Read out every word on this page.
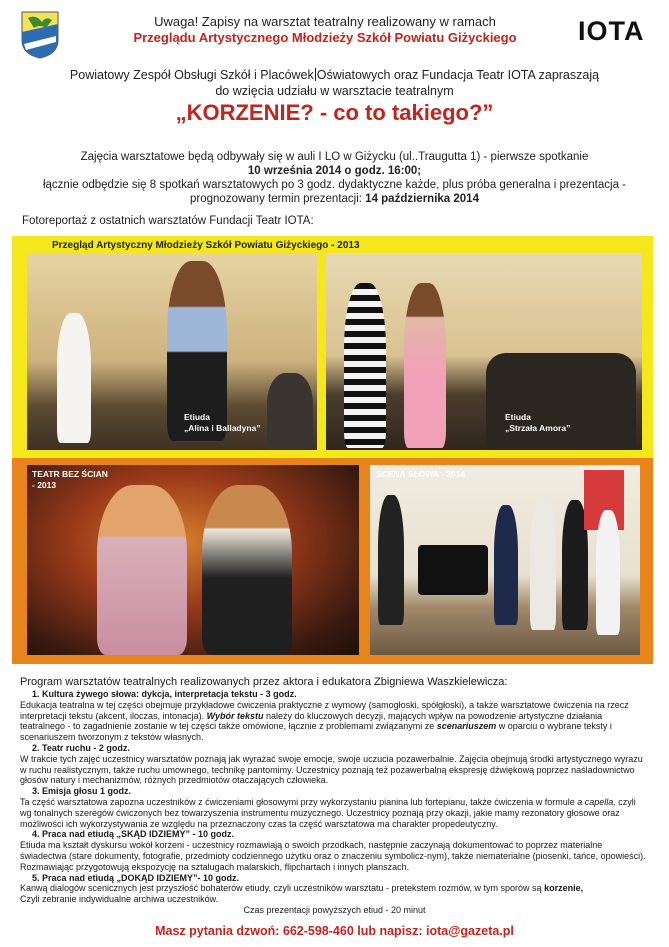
Uwaga! Zapisy na warsztat teatralny realizowany w ramach
Przeglądu Artystycznego Młodzieży Szkół Powiatu Giżyckiego	IOTA
Powiatowy Zespół Obsługi Szkół i Placówek Oświatowych oraz Fundacja Teatr IOTA zapraszają
do wzięcia udziału w warsztacie teatralnym
„KORZENIE? - co to takiego?”
Zajęcia warsztatowe będą odbywały się w auli I LO w Giżycku (ul..Traugutta 1) - pierwsze spotkanie
10 września 2014 o godz. 16:00;
łącznie odbędzie się 8 spotkań warsztatowych po 3 godz. dydaktyczne każde, plus próba generalna i prezentacja -
prognozowany termin prezentacji: 14 października 2014
Fotoreportaż z ostatnich warsztatów Fundacji Teatr IOTA:
Przegląd Artystyczny Młodzieży Szkół Powiatu Giżyckiego - 2013
Etiuda
„Alina i Balladyna”
Etiuda
„Strzała Amora”
TEATR BEZ ŚCIAN
- 2013
SCENA SŁOWA - 2014

Program warsztatów teatralnych realizowanych przez aktora i edukatora Zbigniewa Waszkielewicza:

1. Kultura żywego słowa: dykcja, interpretacja tekstu - 3 godz.

Edukacja teatralna w tej części obejmuje przykładowe ćwiczenia praktyczne z wymowy (samogłoski, spółgłoski), a także warsztatowe ćwiczenia na rzecz interpretacji tekstu (akcent, iloczas, intonacja). Wybór tekstu należy do kluczowych decyzji, mających wpływ na powodzenie artystyczne działania teatralnego - to zagadnienie zostanie w tej części także omówione, łącznie z problemami związanymi ze scenariuszem w oparciu o wybrane teksty i scenariuszem tworzonym z tekstów własnych.

2. Teatr ruchu - 2 godz.

W trakcie tych zajęć uczestnicy warsztatów poznają jak wyrażać swoje emocje, swoje uczucia pozawerbalnie. Zajęcia obejmują środki artystycznego wyrazu w ruchu realistycznym, także ruchu umownego, technikę pantomimy. Uczestnicy poznają też pozawerbalną ekspresję dźwiękową poprzez naśladownictwo głosów natury i mechanizmów, różnych przedmiotów otaczających człowieka.

3. Emisja głosu 1 godz.

Ta część warsztatowa zapozna uczestników z ćwiczeniami głosowymi przy wykorzystaniu pianina lub fortepianu, także ćwiczenia w formule a capella, czyli wg tonalnych szeregów ćwiczonych bez towarzyszenia instrumentu muzycznego. Uczestnicy poznają przy okazji, jakie mamy rezonatory głosowe oraz możliwości ich wykorzystywania ze względu na przeznaczony czas ta część warsztatowa ma charakter propedeutyczny.

4. Praca nad etiudą „SKĄD IDZIEMY” - 10 godz.

Etiuda ma kształt dyskursu wokół korzeni - uczestnicy rozmawiają o swoich przodkach, następnie zaczynają dokumentować to poprzez materialne świadectwa (stare dokumenty, fotografie, przedmioty codziennego użytku oraz o znaczeniu symbolicz-nym), także niematerialne (piosenki, tańce, opowieści). Rozmawiając przygotowują ekspozycję na sztalugach malarskich, flipchartach i innych planszach.

5. Praca nad etiudą „DOKĄD IDZIEMY”- 10 godz.

Kanwą dialogów scenicznych jest przyszłość bohaterów etiudy, czyli uczestników warsztatu - pretekstem rozmów, w tym sporów są korzenie,

Czyli zebranie indywidualne archiwa uczestników.

Czas prezentacji powyższych etiud - 20 minut

Masz pytania dzwoń: 662-598-460 lub napisz: iota@gazeta.pl
